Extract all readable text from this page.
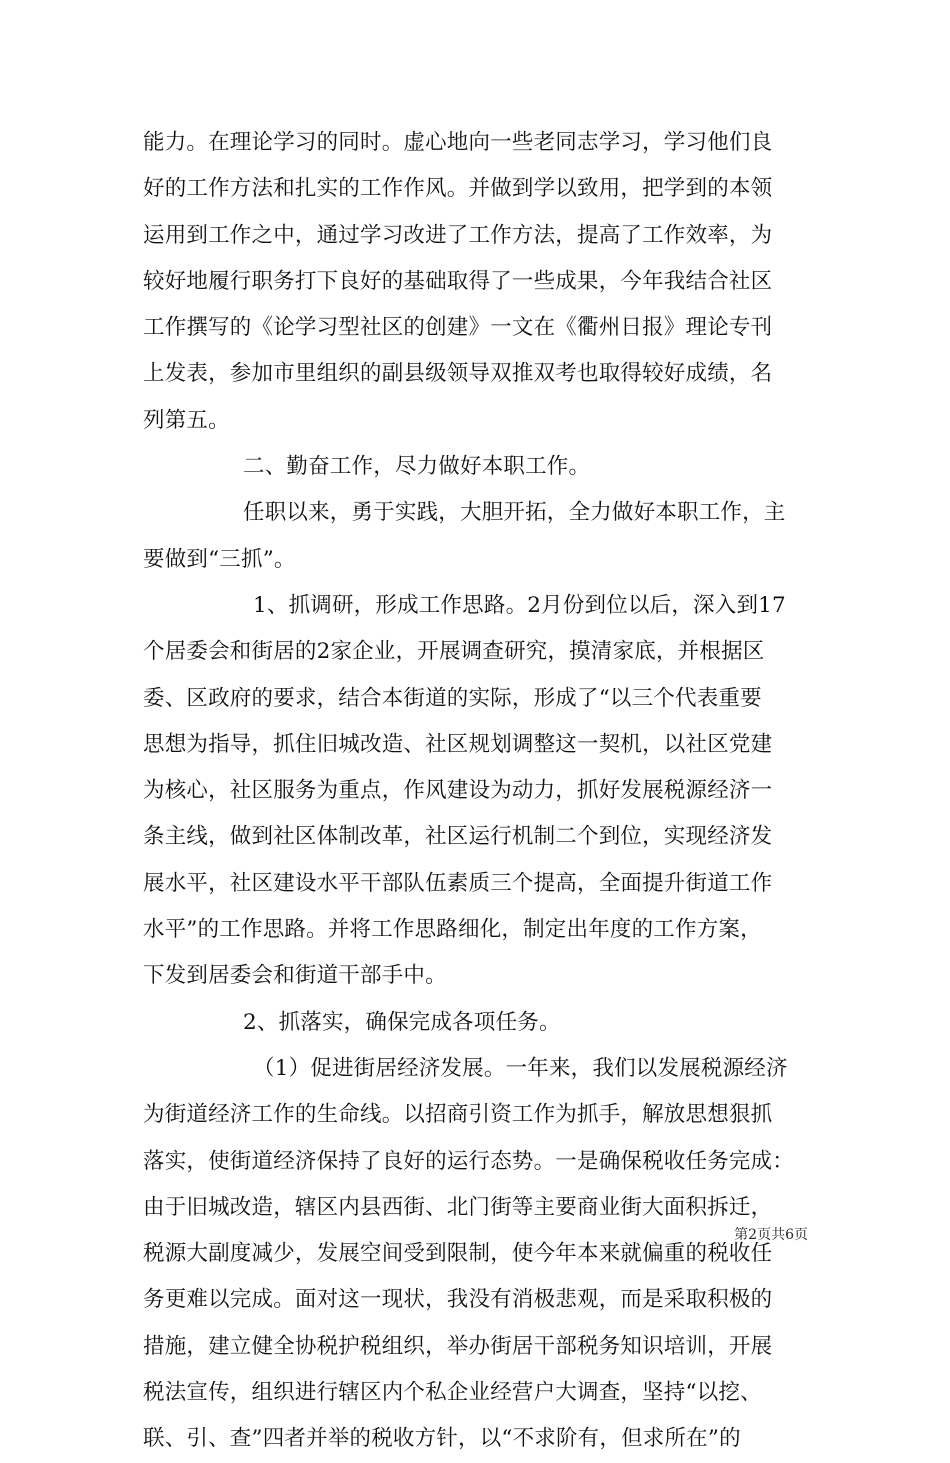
能力。在理论学习的同时。虚心地向一些老同志学习，学习他们良
好的工作方法和扎实的工作作风。并做到学以致用，把学到的本领
运用到工作之中，通过学习改进了工作方法，提高了工作效率，为
较好地履行职务打下良好的基础取得了一些成果，今年我结合社区
工作撰写的《论学习型社区的创建》一文在《衢州日报》理论专刊
上发表，参加市里组织的副县级领导双推双考也取得较好成绩，名
列第五。
二、勤奋工作，尽力做好本职工作。
任职以来，勇于实践，大胆开拓，全力做好本职工作，主
要做到“三抓”。
1、抓调研，形成工作思路。2月份到位以后，深入到17
个居委会和街居的2家企业，开展调查研究，摸清家底，并根据区
委、区政府的要求，结合本街道的实际，形成了“以三个代表重要
思想为指导，抓住旧城改造、社区规划调整这一契机，以社区党建
为核心，社区服务为重点，作风建设为动力，抓好发展税源经济一
条主线，做到社区体制改革，社区运行机制二个到位，实现经济发
展水平，社区建设水平干部队伍素质三个提高，全面提升街道工作
水平”的工作思路。并将工作思路细化，制定出年度的工作方案，
下发到居委会和街道干部手中。
2、抓落实，确保完成各项任务。
（1）促进街居经济发展。一年来，我们以发展税源经济
为街道经济工作的生命线。以招商引资工作为抓手，解放思想狠抓
落实，使街道经济保持了良好的运行态势。一是确保税收任务完成：
由于旧城改造，辖区内县西街、北门街等主要商业街大面积拆迁，
税源大副度减少，发展空间受到限制，使今年本来就偏重的税收任
务更难以完成。面对这一现状，我没有消极悲观，而是采取积极的
措施，建立健全协税护税组织，举办街居干部税务知识培训，开展
税法宣传，组织进行辖区内个私企业经营户大调查，坚持“以挖、
联、引、查”四者并举的税收方针，以“不求阶有，但求所在”的
第2页共6页
